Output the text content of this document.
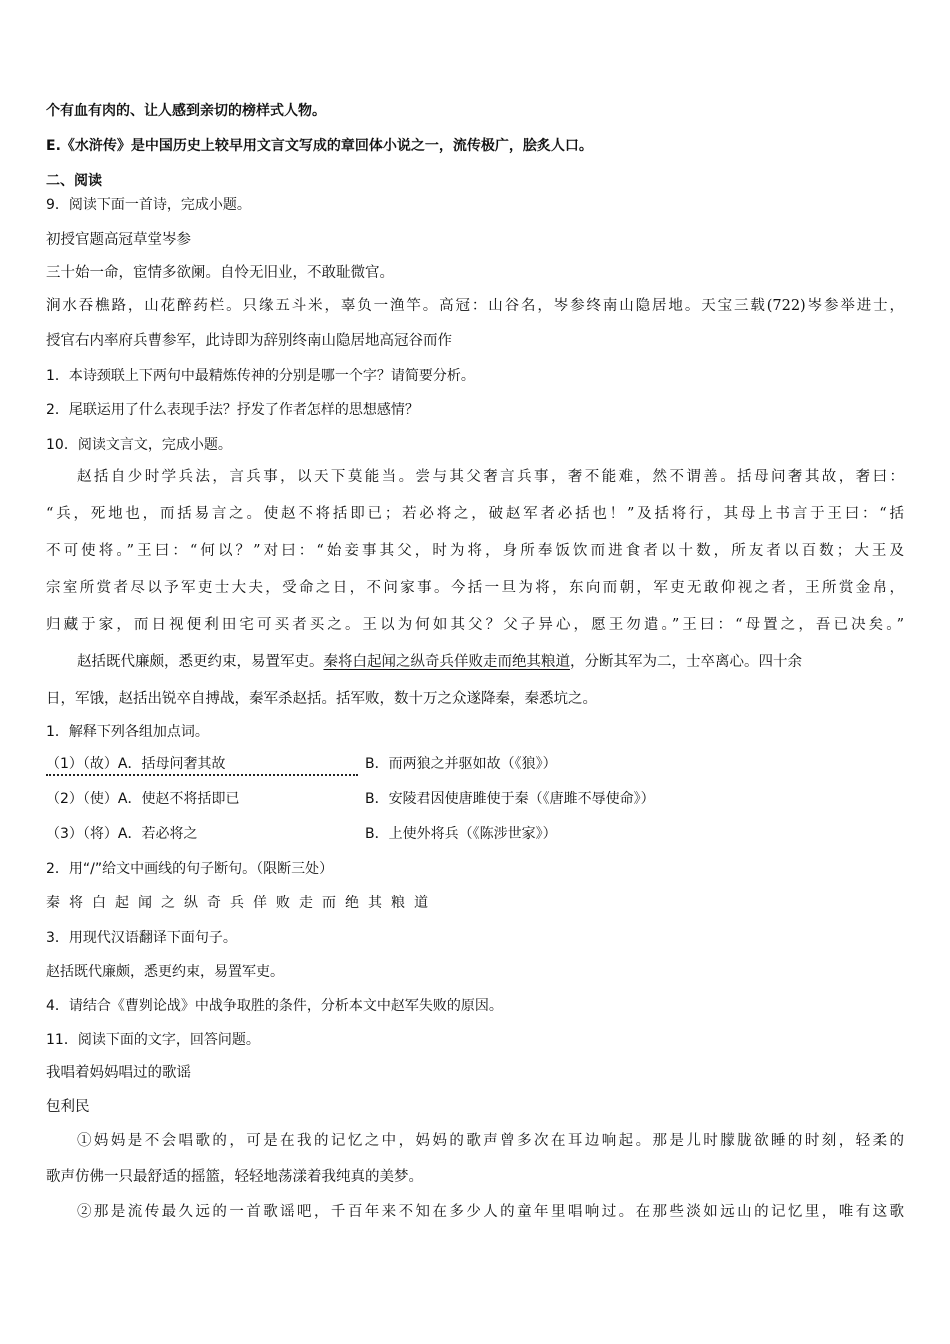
个有血有肉的、让人感到亲切的榜样式人物。
E.《水浒传》是中国历史上较早用文言文写成的章回体小说之一，流传极广，脍炙人口。
二、阅读
9．阅读下面一首诗，完成小题。
初授官题高冠草堂岑参
三十始一命，宦情多欲阑。自怜无旧业，不敢耻微官。
涧水吞樵路，山花醉药栏。只缘五斗米，辜负一渔竿。高冠：山谷名，岑参终南山隐居地。天宝三载(722)岑参举进士，
授官右内率府兵曹参军，此诗即为辞别终南山隐居地高冠谷而作
1．本诗颈联上下两句中最精炼传神的分别是哪一个字？请简要分析。
2．尾联运用了什么表现手法？抒发了作者怎样的思想感情？
10．阅读文言文，完成小题。
赵括自少时学兵法，言兵事，以天下莫能当。尝与其父奢言兵事，奢不能难，然不谓善。括母问奢其故，奢曰：
“兵，死地也，而括易言之。使赵不将括即已；若必将之，破赵军者必括也！”及括将行，其母上书言于王曰：“括
不可使将。”王曰：“何以？”对曰：“始妾事其父，时为将，身所奉饭饮而进食者以十数，所友者以百数；大王及
宗室所赏者尽以予军吏士大夫，受命之日，不问家事。今括一旦为将，东向而朝，军吏无敢仰视之者，王所赏金帛，
归藏于家，而日视便利田宅可买者买之。王以为何如其父？父子异心，愿王勿遣。”王曰：“母置之，吾已决矣。”
赵括既代廉颇，悉更约束，易置军吏。秦将白起闻之纵奇兵佯败走而绝其粮道，分断其军为二，士卒离心。四十余
日，军饿，赵括出锐卒自搏战，秦军杀赵括。括军败，数十万之众遂降秦，秦悉坑之。
1．解释下列各组加点词。
（1）（故）A．括母问奢其故	B．而两狼之并驱如故（《狼》）
（2）（使）A．使赵不将括即已	B．安陵君因使唐雎使于秦（《唐雎不辱使命》）
（3）（将）A．若必将之	B．上使外将兵（《陈涉世家》）
2．用“/”给文中画线的句子断句。（限断三处）
秦将白起闻之纵奇兵佯败走而绝其粮道
3．用现代汉语翻译下面句子。
赵括既代廉颇，悉更约束，易置军吏。
4．请结合《曹刿论战》中战争取胜的条件，分析本文中赵军失败的原因。
11．阅读下面的文字，回答问题。
我唱着妈妈唱过的歌谣
包利民
①妈妈是不会唱歌的，可是在我的记忆之中，妈妈的歌声曾多次在耳边响起。那是儿时朦胧欲睡的时刻，轻柔的
歌声仿佛一只最舒适的摇篮，轻轻地荡漾着我纯真的美梦。
②那是流传最久远的一首歌谣吧，千百年来不知在多少人的童年里唱响过。在那些淡如远山的记忆里，唯有这歌
